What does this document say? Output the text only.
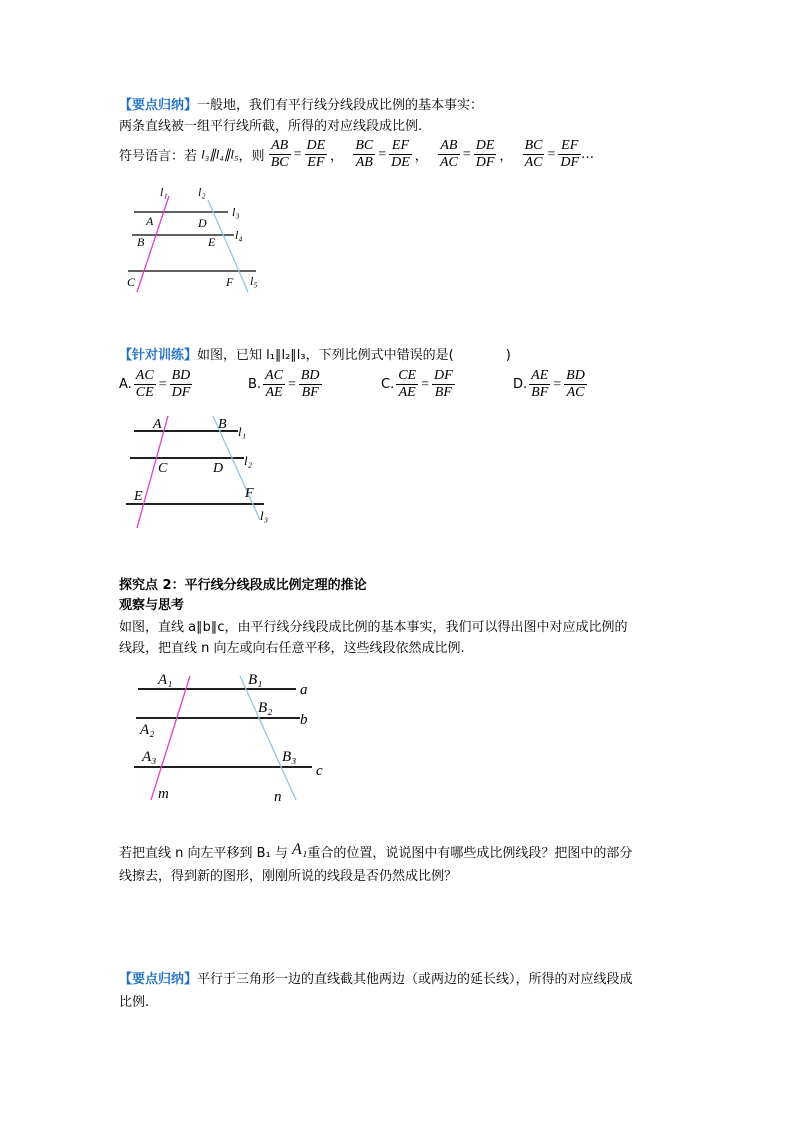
【要点归纳】一般地，我们有平行线分线段成比例的基本事实：
两条直线被一组平行线所截，所得的对应线段成比例.
符号语言：若 l₃∥l₄∥l₅，则 $\frac{AB}{BC} = \frac{DE}{EF}$ ， $\frac{BC}{AB} = \frac{EF}{DE}$ ， $\frac{AB}{AC} = \frac{DE}{DF}$ ， $\frac{BC}{AC} = \frac{EF}{DF}$ …
l₁	l₂
l₃
l₄
l₅
A	D
B	E
C	F
【针对训练】如图，已知 l₁∥l₂∥l₃，下列比例式中错误的是(　　　　)
A. $\frac{AC}{CE} = \frac{BD}{DF}$	B. $\frac{AC}{AE} = \frac{BD}{BF}$	C. $\frac{CE}{AE} = \frac{DF}{BF}$	D. $\frac{AE}{BF} = \frac{BD}{AC}$
A	B l₁
C	D
l₂
E	F
l₃
探究点 2：平行线分线段成比例定理的推论
观察与思考
如图，直线 a∥b∥c，由平行线分线段成比例的基本事实，我们可以得出图中对应成比例的
线段，把直线 n 向左或向右任意平移，这些线段依然成比例.
A₁	B₁
a
B₂
b
A₂
A₃	B₃
c
m	n
若把直线 n 向左平移到 B₁ 与 A₁重合的位置，说说图中有哪些成比例线段？把图中的部分
线擦去，得到新的图形，刚刚所说的线段是否仍然成比例？
【要点归纳】平行于三角形一边的直线截其他两边（或两边的延长线），所得的对应线段成
比例.
